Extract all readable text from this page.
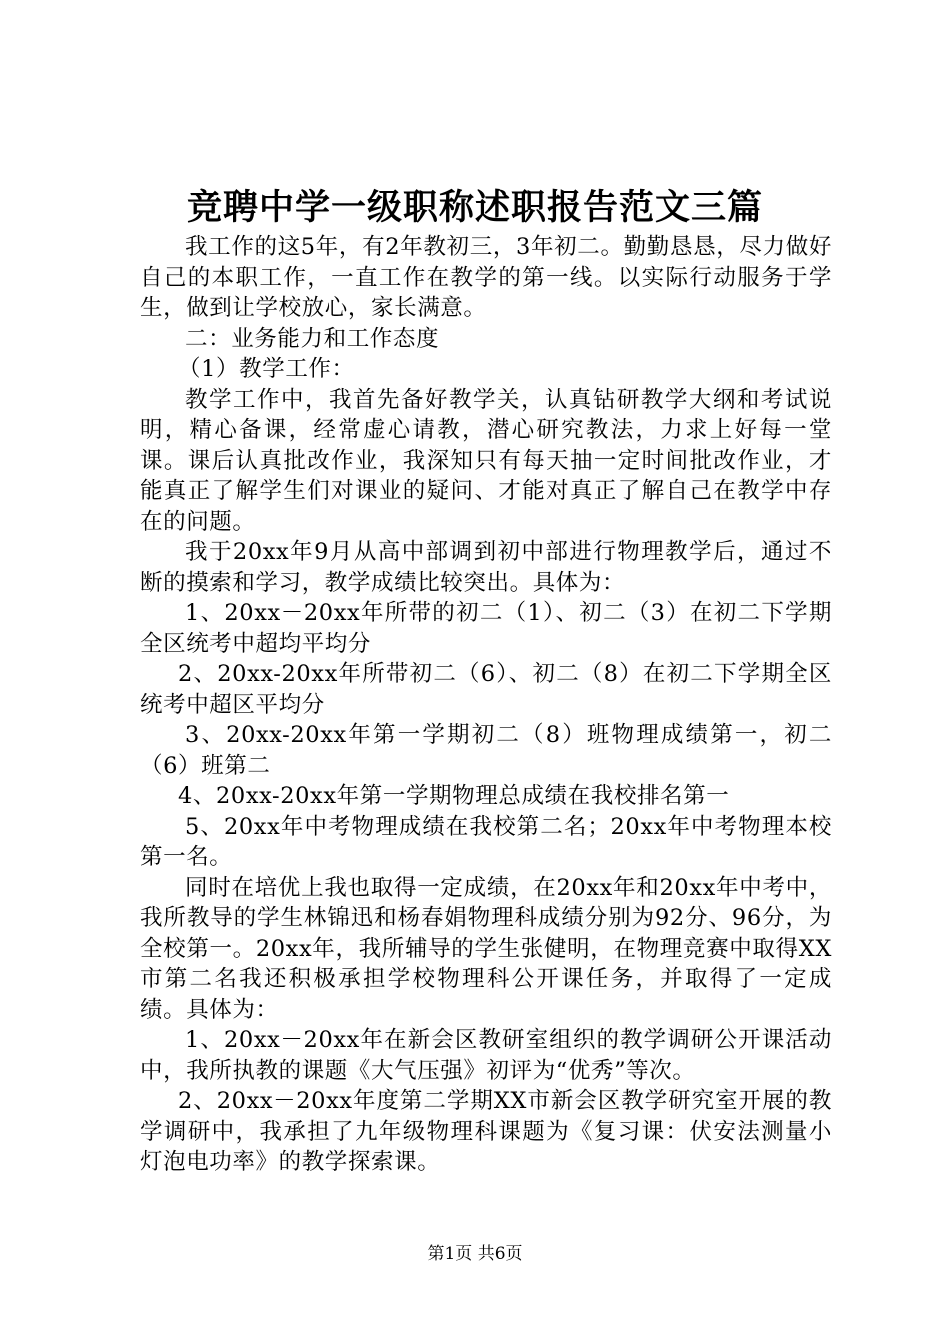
竞聘中学一级职称述职报告范文三篇

我工作的这5年，有2年教初三，3年初二。勤勤恳恳，尽力做好自己的本职工作，一直工作在教学的第一线。以实际行动服务于学生，做到让学校放心，家长满意。

二：业务能力和工作态度

（1）教学工作：

教学工作中，我首先备好教学关，认真钻研教学大纲和考试说明，精心备课，经常虚心请教，潜心研究教法，力求上好每一堂课。课后认真批改作业，我深知只有每天抽一定时间批改作业，才能真正了解学生们对课业的疑问、才能对真正了解自己在教学中存在的问题。

我于20xx年9月从高中部调到初中部进行物理教学后，通过不断的摸索和学习，教学成绩比较突出。具体为：

1、20xx－20xx年所带的初二（1）、初二（3）在初二下学期全区统考中超均平均分

2、20xx-20xx年所带初二（6）、初二（8）在初二下学期全区统考中超区平均分

3、20xx-20xx年第一学期初二（8）班物理成绩第一，初二（6）班第二

4、20xx-20xx年第一学期物理总成绩在我校排名第一

5、20xx年中考物理成绩在我校第二名；20xx年中考物理本校第一名。

同时在培优上我也取得一定成绩，在20xx年和20xx年中考中，我所教导的学生林锦迅和杨春娟物理科成绩分别为92分、96分，为全校第一。20xx年，我所辅导的学生张健明，在物理竞赛中取得XX市第二名我还积极承担学校物理科公开课任务，并取得了一定成绩。具体为：

1、20xx－20xx年在新会区教研室组织的教学调研公开课活动中，我所执教的课题《大气压强》初评为“优秀”等次。

2、20xx－20xx年度第二学期XX市新会区教学研究室开展的教学调研中，我承担了九年级物理科课题为《复习课：伏安法测量小灯泡电功率》的教学探索课。

第1页 共6页
